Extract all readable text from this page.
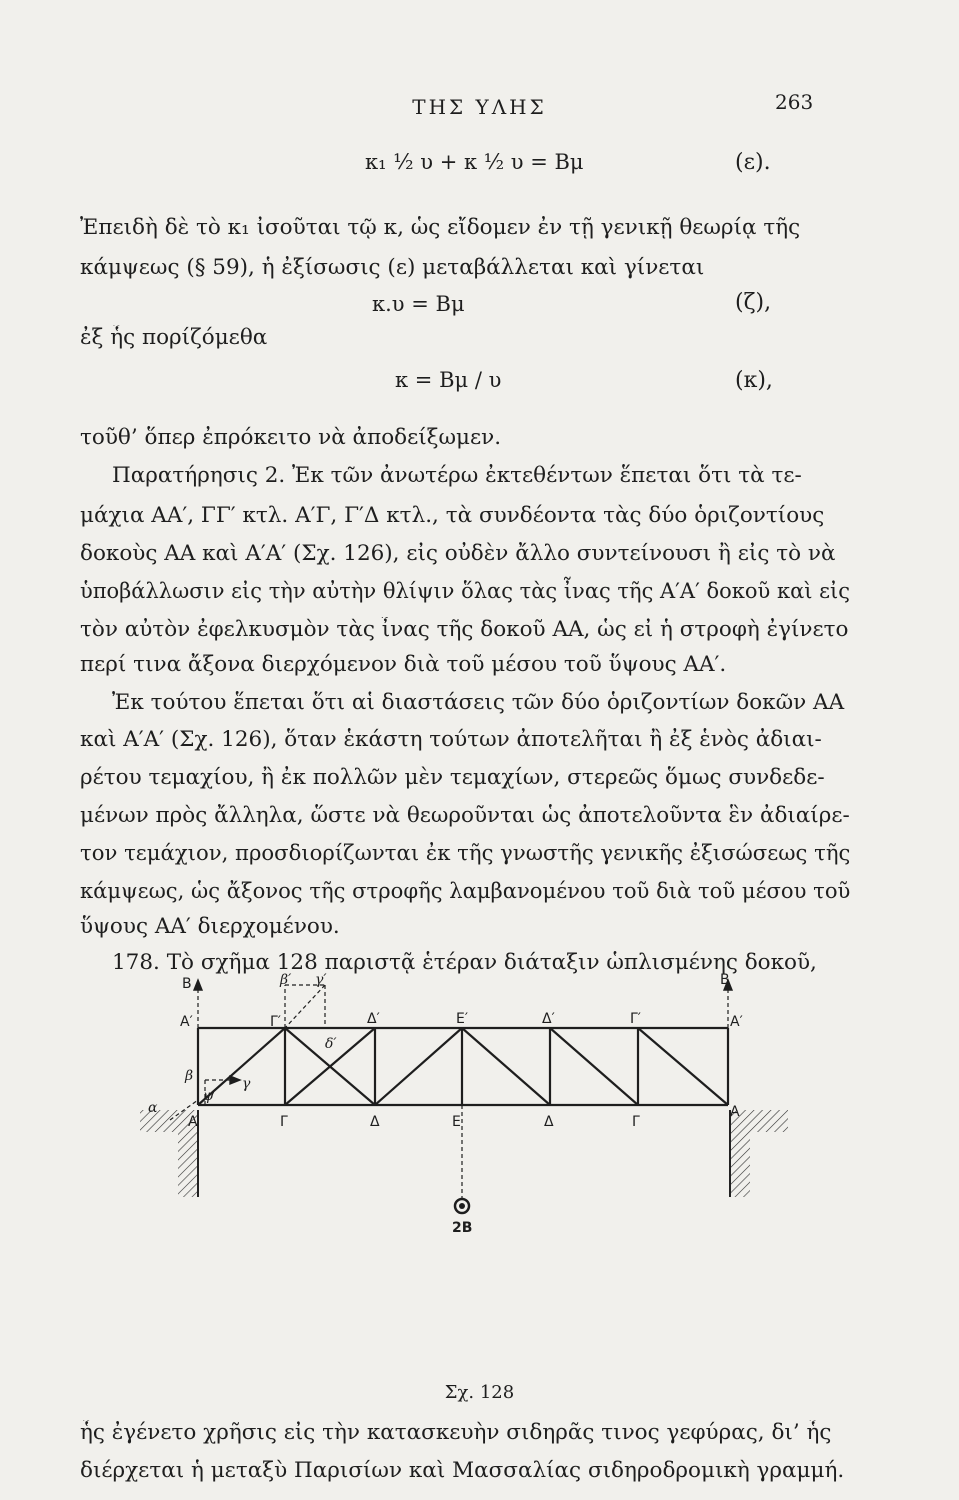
ΤΗΣ ΥΛΗΣ	263
κ₁ ½ υ + κ ½ υ = Βμ	(ε).
Ἐπειδὴ δὲ τὸ κ₁ ἰσοῦται τῷ κ, ὡς εἴδομεν ἐν τῇ γενικῇ θεωρίᾳ τῆς
κάμψεως (§ 59), ἡ ἐξίσωσις (ε) μεταβάλλεται καὶ γίνεται
κ.υ = Βμ	(ζ),
ἐξ ἧς πορίζόμεθα
κ = Βμ / υ	(κ),
τοῦθ’ ὅπερ ἐπρόκειτο νὰ ἀποδείξωμεν.
Παρατήρησις 2. Ἐκ τῶν ἀνωτέρω ἐκτεθέντων ἕπεται ὅτι τὰ τε-
μάχια ΑΑ′, ΓΓ′ κτλ. Α′Γ, Γ′Δ κτλ., τὰ συνδέοντα τὰς δύο ὁριζοντίους
δοκοὺς ΑΑ καὶ Α′Α′ (Σχ. 126), εἰς οὐδὲν ἄλλο συντείνουσι ἢ εἰς τὸ νὰ
ὑποβάλλωσιν εἰς τὴν αὐτὴν θλίψιν ὅλας τὰς ἶνας τῆς Α′Α′ δοκοῦ καὶ εἰς
τὸν αὐτὸν ἐφελκυσμὸν τὰς ἶνας τῆς δοκοῦ ΑΑ, ὡς εἰ ἡ στροφὴ ἐγίνετο
περί τινα ἄξονα διερχόμενον διὰ τοῦ μέσου τοῦ ὕψους ΑΑ′.
Ἐκ τούτου ἕπεται ὅτι αἱ διαστάσεις τῶν δύο ὁριζοντίων δοκῶν ΑΑ
καὶ Α′Α′ (Σχ. 126), ὅταν ἑκάστη τούτων ἀποτελῆται ἢ ἐξ ἑνὸς ἀδιαι-
ρέτου τεμαχίου, ἢ ἐκ πολλῶν μὲν τεμαχίων, στερεῶς ὅμως συνδεδε-
μένων πρὸς ἄλληλα, ὥστε νὰ θεωροῦνται ὡς ἀποτελοῦντα ἓν ἀδιαίρε-
τον τεμάχιον, προσδιορίζωνται ἐκ τῆς γνωστῆς γενικῆς ἐξισώσεως τῆς
κάμψεως, ὡς ἄξονος τῆς στροφῆς λαμβανομένου τοῦ διὰ τοῦ μέσου τοῦ
ὕψους ΑΑ′ διερχομένου.
178. Τὸ σχῆμα 128 παριστᾷ ἑτέραν διάταξιν ὡπλισμένης δοκοῦ,
Β
Α′	Γ′
β′ γ′
δ′
Δ′	Ε′	Δ′	Γ′	Α′
Β
β	γ
ψ
α
Α	Γ	Δ	Ε	Δ	Γ
Α
2Β
Σχ. 128
ἧς ἐγένετο χρῆσις εἰς τὴν κατασκευὴν σιδηρᾶς τινος γεφύρας, δι’ ἧς
διέρχεται ἡ μεταξὺ Παρισίων καὶ Μασσαλίας σιδηροδρομικὴ γραμμή.
